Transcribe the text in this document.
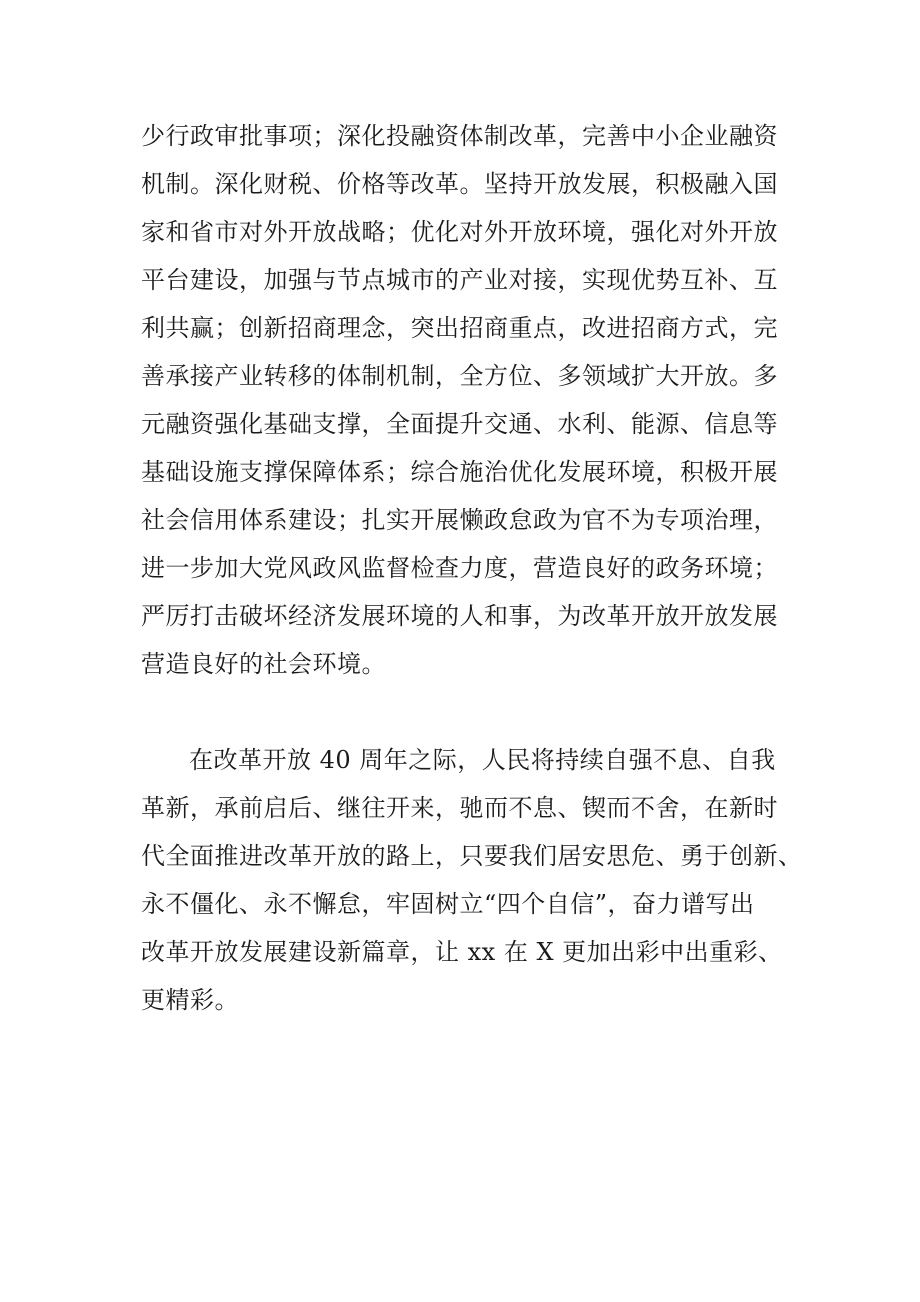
少行政审批事项；深化投融资体制改革，完善中小企业融资
机制。深化财税、价格等改革。坚持开放发展，积极融入国
家和省市对外开放战略；优化对外开放环境，强化对外开放
平台建设，加强与节点城市的产业对接，实现优势互补、互
利共赢；创新招商理念，突出招商重点，改进招商方式，完
善承接产业转移的体制机制，全方位、多领域扩大开放。多
元融资强化基础支撑，全面提升交通、水利、能源、信息等
基础设施支撑保障体系；综合施治优化发展环境，积极开展
社会信用体系建设；扎实开展懒政怠政为官不为专项治理，
进一步加大党风政风监督检查力度，营造良好的政务环境；
严厉打击破坏经济发展环境的人和事，为改革开放开放发展
营造良好的社会环境。
在改革开放 40 周年之际，人民将持续自强不息、自我
革新，承前启后、继往开来，驰而不息、锲而不舍，在新时
代全面推进改革开放的路上，只要我们居安思危、勇于创新、
永不僵化、永不懈怠，牢固树立“四个自信”，奋力谱写出
改革开放发展建设新篇章，让 xx 在 X 更加出彩中出重彩、
更精彩。
